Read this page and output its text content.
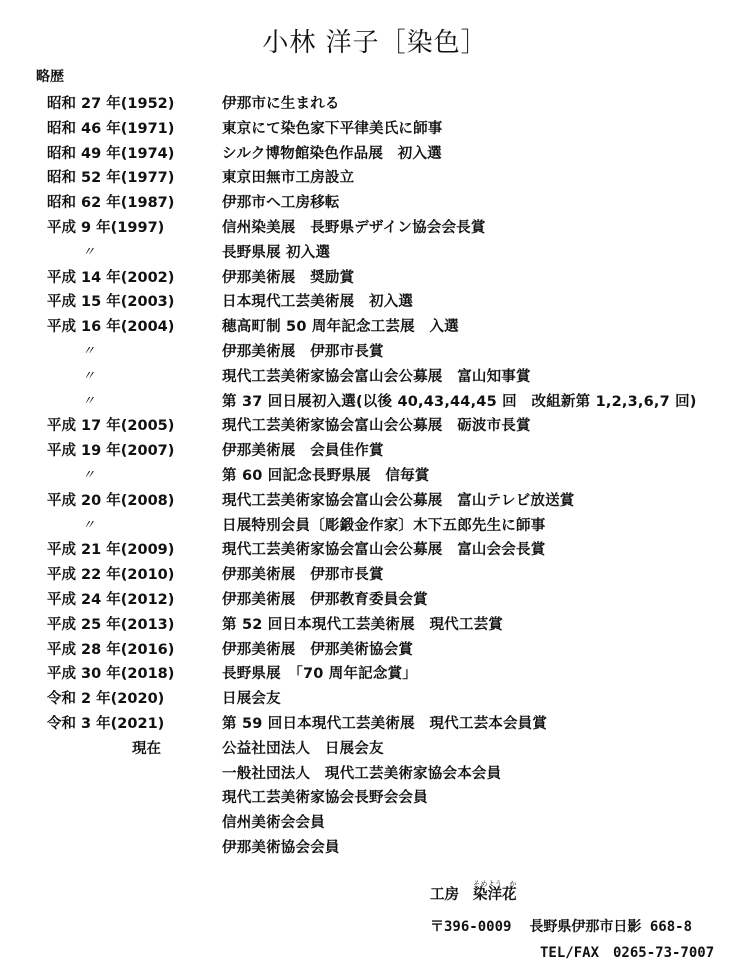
小林 洋子［染色］
略歴
昭和 27 年(1952)	伊那市に生まれる
昭和 46 年(1971)	東京にて染色家下平律美氏に師事
昭和 49 年(1974)	シルク博物館染色作品展　初入選
昭和 52 年(1977)	東京田無市工房設立
昭和 62 年(1987)	伊那市へ工房移転
平成 9 年(1997)	信州染美展　長野県デザイン協会会長賞
〃	長野県展 初入選
平成 14 年(2002)	伊那美術展　奨励賞
平成 15 年(2003)	日本現代工芸美術展　初入選
平成 16 年(2004)	穂高町制 50 周年記念工芸展　入選
〃	伊那美術展　伊那市長賞
〃	現代工芸美術家協会富山会公募展　富山知事賞
〃	第 37 回日展初入選(以後 40,43,44,45 回　改組新第 1,2,3,6,7 回)
平成 17 年(2005)	現代工芸美術家協会富山会公募展　砺波市長賞
平成 19 年(2007)	伊那美術展　会員佳作賞
〃	第 60 回記念長野県展　信毎賞
平成 20 年(2008)	現代工芸美術家協会富山会公募展　富山テレビ放送賞
〃	日展特別会員〔彫鍛金作家〕木下五郎先生に師事
平成 21 年(2009)	現代工芸美術家協会富山会公募展　富山会会長賞
平成 22 年(2010)	伊那美術展　伊那市長賞
平成 24 年(2012)	伊那美術展　伊那教育委員会賞
平成 25 年(2013)	第 52 回日本現代工芸美術展　現代工芸賞
平成 28 年(2016)	伊那美術展　伊那美術協会賞
平成 30 年(2018)	長野県展　「70 周年記念賞」
令和 2 年(2020)	日展会友
令和 3 年(2021)	第 59 回日本現代工芸美術展　現代工芸本会員賞
現在	公益社団法人　日展会友
一般社団法人　現代工芸美術家協会本会員
現代工芸美術家協会長野会会員
信州美術会会員
伊那美術協会会員
工房 染洋花そめよう　か
〒396-0009 長野県伊那市日影 668-8
TEL/FAX　0265-73-7007
